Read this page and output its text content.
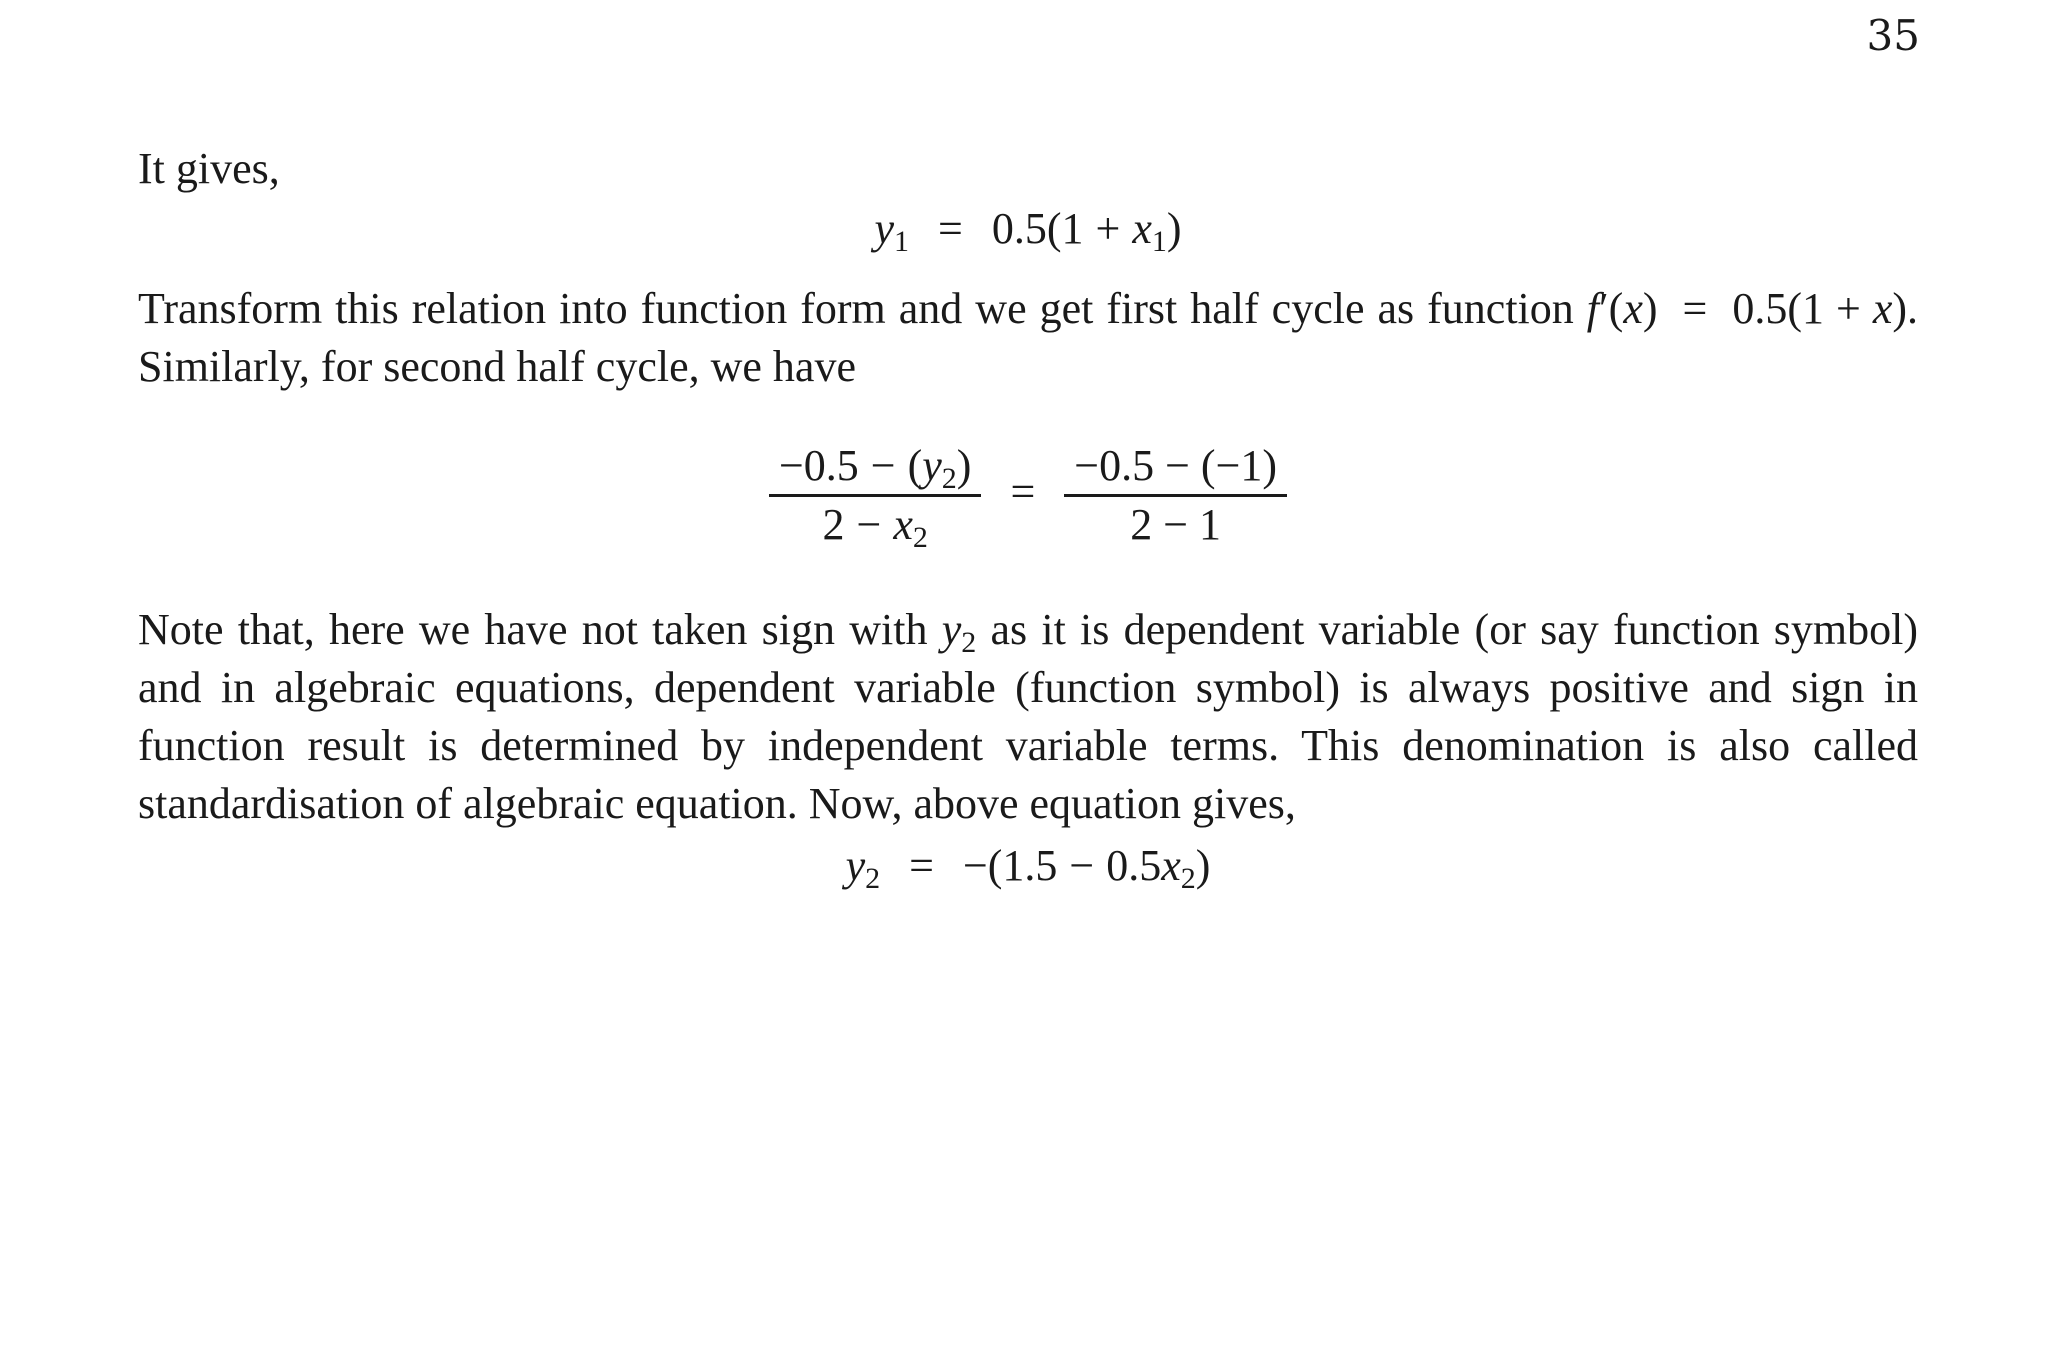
35

It gives,

$y_1 = 0.5(1 + x_1)$

Transform this relation into function form and we get first half cycle as function f′(x) = 0.5(1 + x). Similarly, for second half cycle, we have

$\frac{-0.5 - (y_2)}{2 - x_2} = \frac{-0.5 - (-1)}{2 - 1}$

Note that, here we have not taken sign with $y_2$ as it is dependent variable (or say function symbol) and in algebraic equations, dependent variable (function symbol) is always positive and sign in function result is determined by independent variable terms. This denomination is also called standardisation of algebraic equation. Now, above equation gives,

$y_2 = -(1.5 - 0.5x_2)$
